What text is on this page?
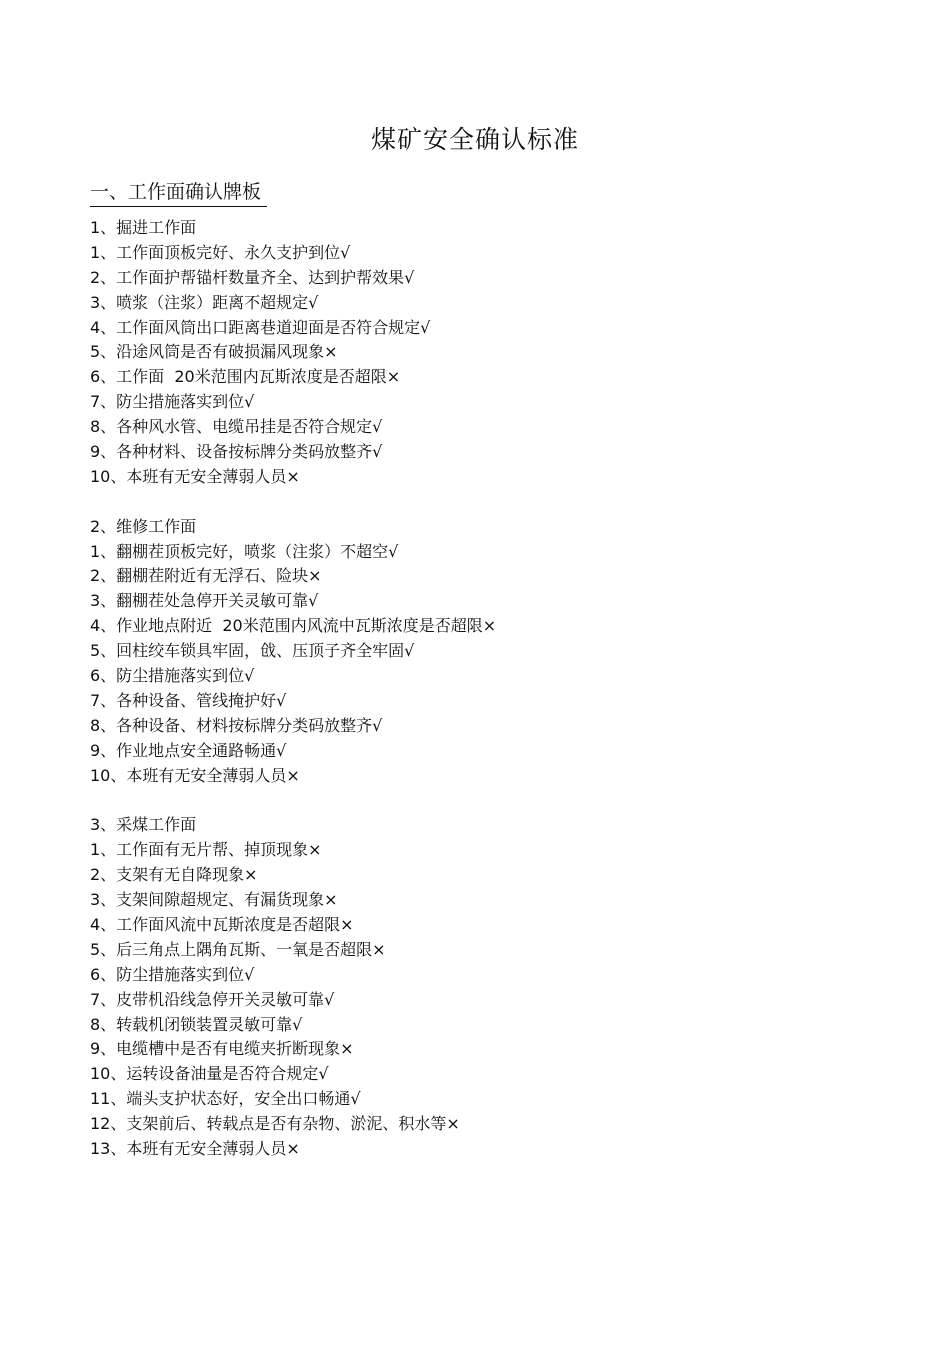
煤矿安全确认标准
一、工作面确认牌板
1、掘进工作面
1、工作面顶板完好、永久支护到位√
2、工作面护帮锚杆数量齐全、达到护帮效果√
3、喷浆（注浆）距离不超规定√
4、工作面风筒出口距离巷道迎面是否符合规定√
5、沿途风筒是否有破损漏风现象×
6、工作面  20米范围内瓦斯浓度是否超限×
7、防尘措施落实到位√
8、各种风水管、电缆吊挂是否符合规定√
9、各种材料、设备按标牌分类码放整齐√
10、本班有无安全薄弱人员×
2、维修工作面
1、翻棚茬顶板完好，喷浆（注浆）不超空√
2、翻棚茬附近有无浮石、险块×
3、翻棚茬处急停开关灵敏可靠√
4、作业地点附近  20米范围内风流中瓦斯浓度是否超限×
5、回柱绞车锁具牢固，戗、压顶子齐全牢固√
6、防尘措施落实到位√
7、各种设备、管线掩护好√
8、各种设备、材料按标牌分类码放整齐√
9、作业地点安全通路畅通√
10、本班有无安全薄弱人员×
3、采煤工作面
1、工作面有无片帮、掉顶现象×
2、支架有无自降现象×
3、支架间隙超规定、有漏货现象×
4、工作面风流中瓦斯浓度是否超限×
5、后三角点上隅角瓦斯、一氧是否超限×
6、防尘措施落实到位√
7、皮带机沿线急停开关灵敏可靠√
8、转载机闭锁装置灵敏可靠√
9、电缆槽中是否有电缆夹折断现象×
10、运转设备油量是否符合规定√
11、端头支护状态好，安全出口畅通√
12、支架前后、转载点是否有杂物、淤泥、积水等×
13、本班有无安全薄弱人员×
